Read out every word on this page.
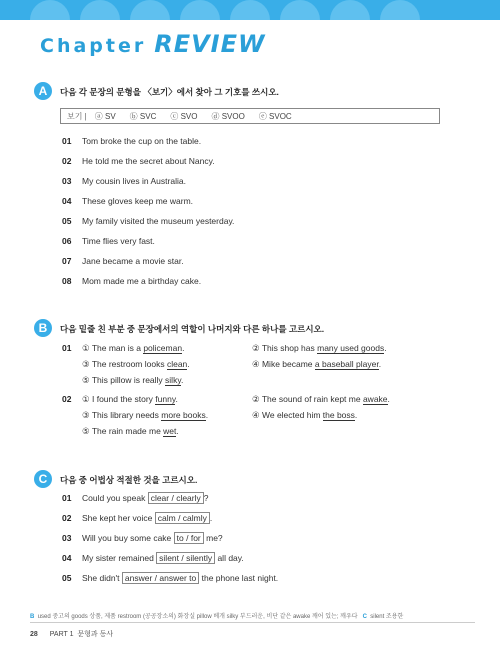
Chapter REVIEW
A	다음 각 문장의 문형을 〈보기〉에서 찾아 그 기호를 쓰시오.
보기 | ⓐ SV ⓑ SVC ⓒ SVO ⓓ SVOO ⓔ SVOC
01 Tom broke the cup on the table.
02 He told me the secret about Nancy.
03 My cousin lives in Australia.
04 These gloves keep me warm.
05 My family visited the museum yesterday.
06 Time flies very fast.
07 Jane became a movie star.
08 Mom made me a birthday cake.
B	다음 밑줄 친 부분 중 문장에서의 역할이 나머지와 다른 하나를 고르시오.
01	① The man is a policeman.	② This shop has many used goods.
③ The restroom looks clean.	④ Mike became a baseball player.
⑤ This pillow is really silky.
02	① I found the story funny.	② The sound of rain kept me awake.
③ This library needs more books.	④ We elected him the boss.
⑤ The rain made me wet.
C	다음 중 어법상 적절한 것을 고르시오.
01 Could you speak clear / clearly ?
02 She kept her voice calm / calmly .
03 Will you buy some cake to / for me?
04 My sister remained silent / silently all day.
05 She didn't answer / answer to the phone last night.
B used 중고의 goods 상품, 제품 restroom (공공장소의) 화장실 pillow 베개 silky 부드러운, 비단 같은 awake 깨어 있는; 깨우다 C silent 조용한
28 PART 1 문형과 동사
